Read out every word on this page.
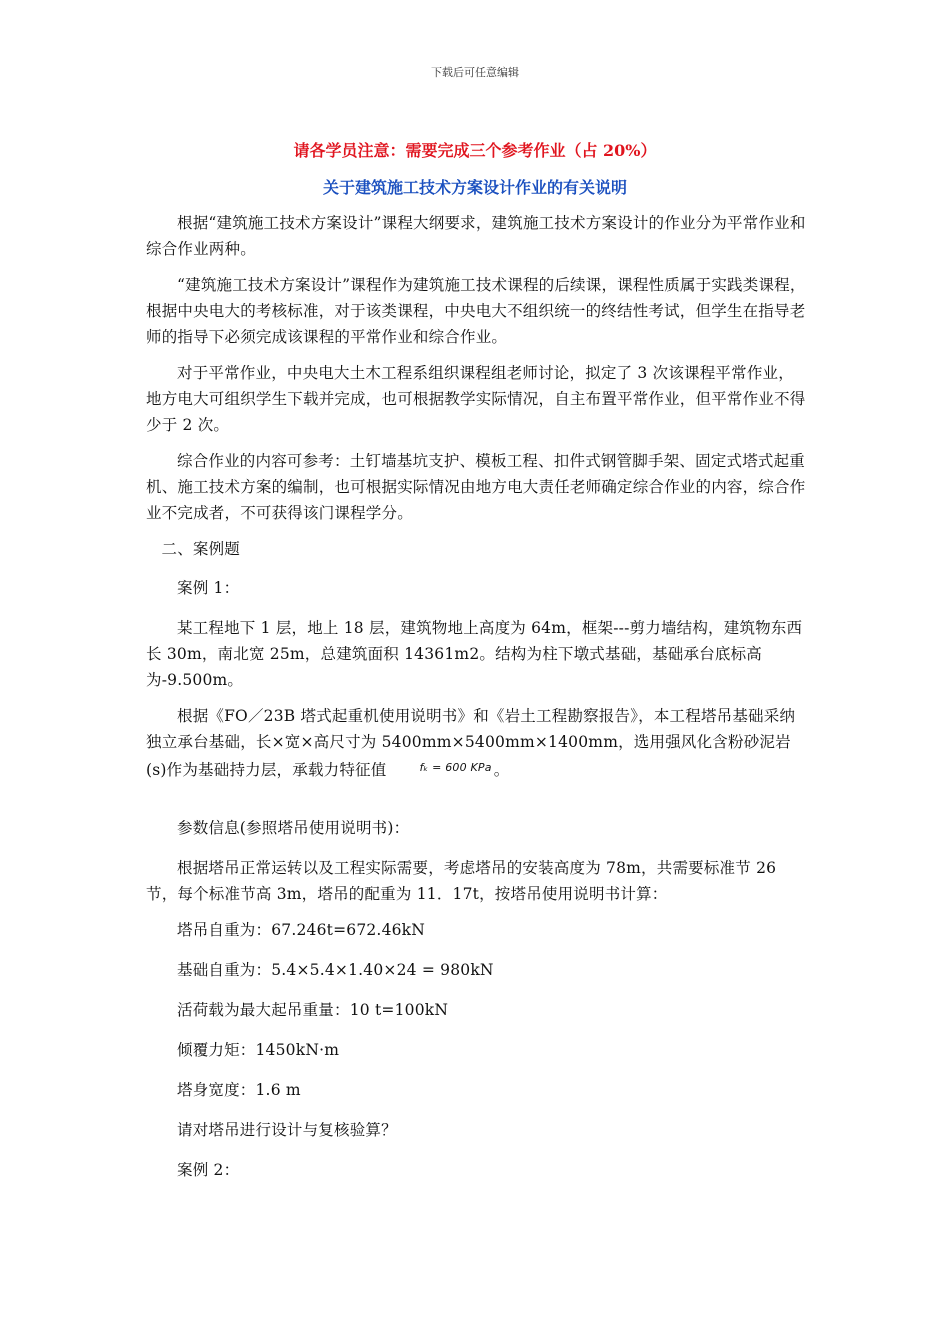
下载后可任意编辑
请各学员注意：需要完成三个参考作业（占 20%）
关于建筑施工技术方案设计作业的有关说明

根据“建筑施工技术方案设计”课程大纲要求，建筑施工技术方案设计的作业分为平常作业和综合作业两种。

“建筑施工技术方案设计”课程作为建筑施工技术课程的后续课，课程性质属于实践类课程，根据中央电大的考核标准，对于该类课程，中央电大不组织统一的终结性考试，但学生在指导老师的指导下必须完成该课程的平常作业和综合作业。

对于平常作业，中央电大土木工程系组织课程组老师讨论，拟定了 3 次该课程平常作业，地方电大可组织学生下载并完成，也可根据教学实际情况，自主布置平常作业，但平常作业不得少于 2 次。

综合作业的内容可参考：土钉墙基坑支护、模板工程、扣件式钢管脚手架、固定式塔式起重机、施工技术方案的编制，也可根据实际情况由地方电大责任老师确定综合作业的内容，综合作业不完成者，不可获得该门课程学分。

二、案例题

案例 1：

某工程地下 1 层，地上 18 层，建筑物地上高度为 64m，框架---剪力墙结构，建筑物东西长 30m，南北宽 25m，总建筑面积 14361m2。结构为柱下墩式基础，基础承台底标高为-9.500m。

根据《FO／23B 塔式起重机使用说明书》和《岩土工程勘察报告》，本工程塔吊基础采纳独立承台基础，长×宽×高尺寸为 5400mm×5400mm×1400mm，选用强风化含粉砂泥岩(s)作为基础持力层，承载力特征值	fₖ = 600 KPa 。

参数信息(参照塔吊使用说明书)：

根据塔吊正常运转以及工程实际需要，考虑塔吊的安装高度为 78m，共需要标准节 26 节，每个标准节高 3m，塔吊的配重为 11．17t，按塔吊使用说明书计算：

塔吊自重为：67.246t=672.46kN

基础自重为：5.4×5.4×1.40×24 = 980kN

活荷载为最大起吊重量：10 t=100kN

倾覆力矩：1450kN·m

塔身宽度：1.6 m

请对塔吊进行设计与复核验算？

案例 2：
